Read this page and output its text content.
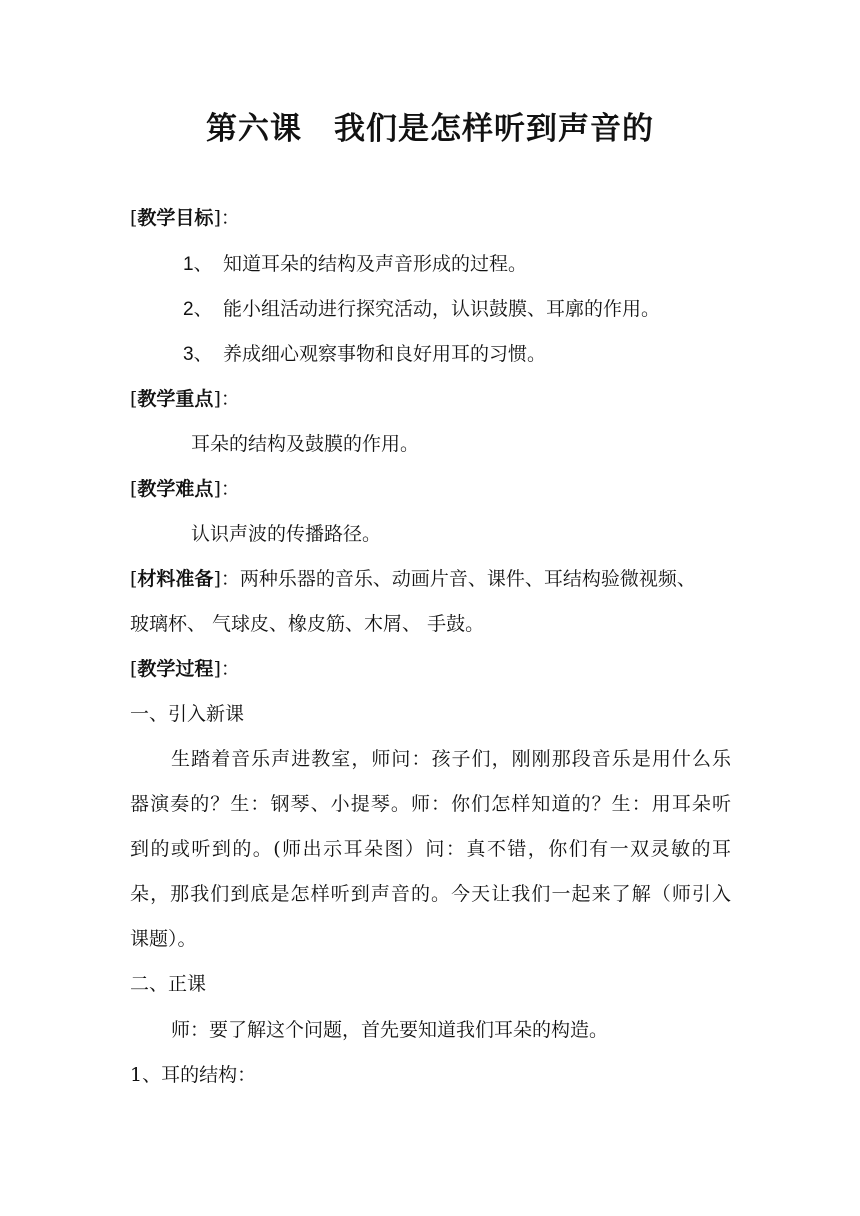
第六课　我们是怎样听到声音的
[教学目标]：
1、 知道耳朵的结构及声音形成的过程。
2、 能小组活动进行探究活动，认识鼓膜、耳廓的作用。
3、 养成细心观察事物和良好用耳的习惯。
[教学重点]：
耳朵的结构及鼓膜的作用。
[教学难点]：
认识声波的传播路径。
[材料准备]：两种乐器的音乐、动画片音、课件、耳结构验微视频、
玻璃杯、 气球皮、橡皮筋、木屑、 手鼓。
[教学过程]：
一、引入新课
生踏着音乐声进教室，师问：孩子们，刚刚那段音乐是用什么乐
器演奏的？生：钢琴、小提琴。师：你们怎样知道的？生：用耳朵听
到的或听到的。(师出示耳朵图）问：真不错，你们有一双灵敏的耳
朵，那我们到底是怎样听到声音的。今天让我们一起来了解（师引入
课题）。
二、正课
师：要了解这个问题，首先要知道我们耳朵的构造。
1、耳的结构：
